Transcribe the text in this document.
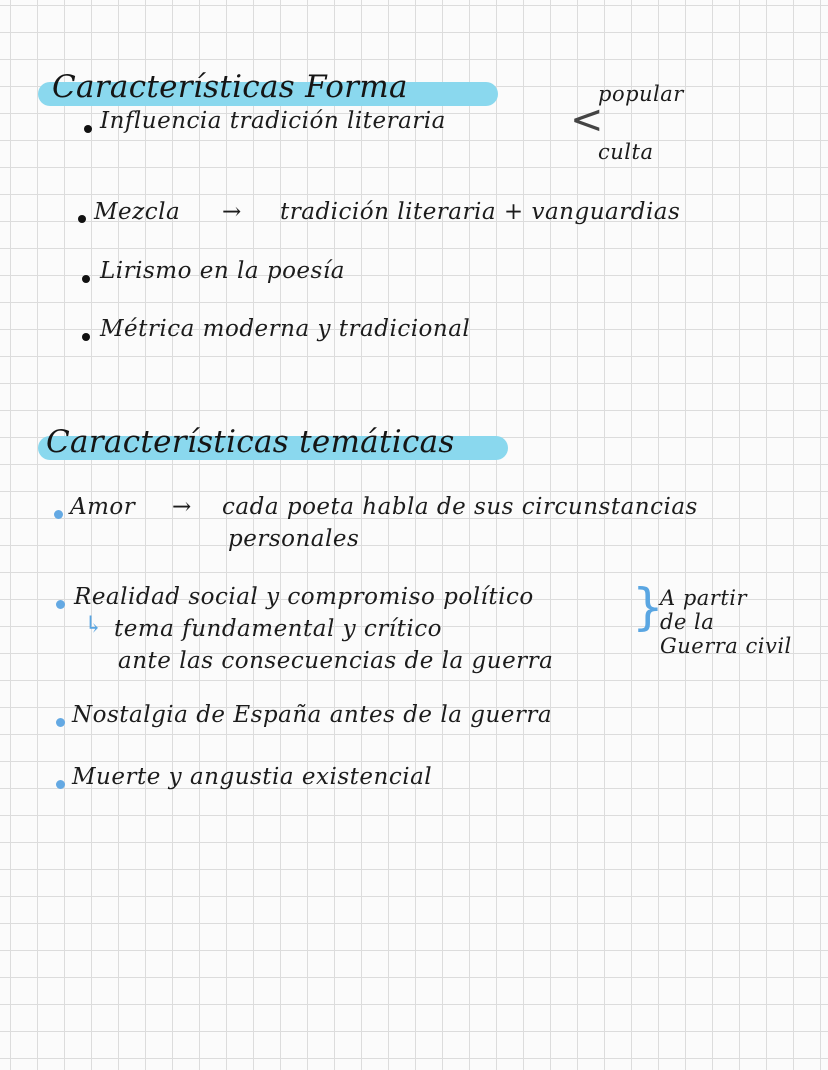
Características Forma
Influencia tradición literaria	<
popular
culta
Mezcla → tradición literaria + vanguardias
Lirismo en la poesía
Métrica moderna y tradicional
Características temáticas
Amor → cada poeta habla de sus circunstancias
personales
Realidad social y compromiso político
↳ tema fundamental y crítico
ante las consecuencias de la guerra
}
A partir
de la
Guerra civil
Nostalgia de España antes de la guerra
Muerte y angustia existencial
